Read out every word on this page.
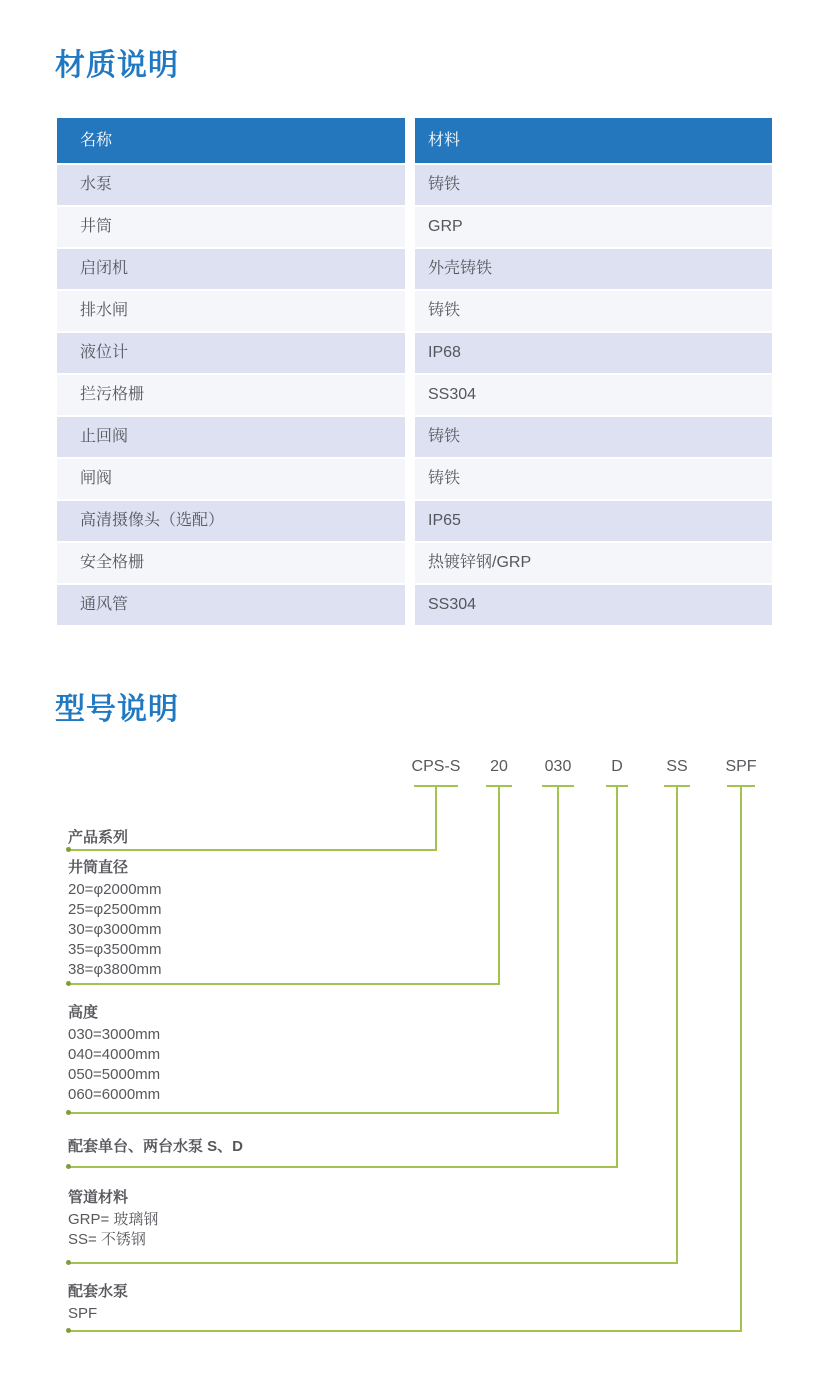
材质说明
名称	材料
水泵	铸铁
井筒	GRP
启闭机	外壳铸铁
排水闸	铸铁
液位计	IP68
拦污格栅	SS304
止回阀	铸铁
闸阀	铸铁
高清摄像头（选配）	IP65
安全格栅	热镀锌钢/GRP
通风管	SS304
型号说明
CPS-S 20 030 D	SS SPF
产品系列
井筒直径
20=φ2000mm
25=φ2500mm
30=φ3000mm
35=φ3500mm
38=φ3800mm
高度
030=3000mm
040=4000mm
050=5000mm
060=6000mm
配套单台、两台水泵 S、D
管道材料
GRP= 玻璃钢
SS= 不锈钢
配套水泵
SPF
